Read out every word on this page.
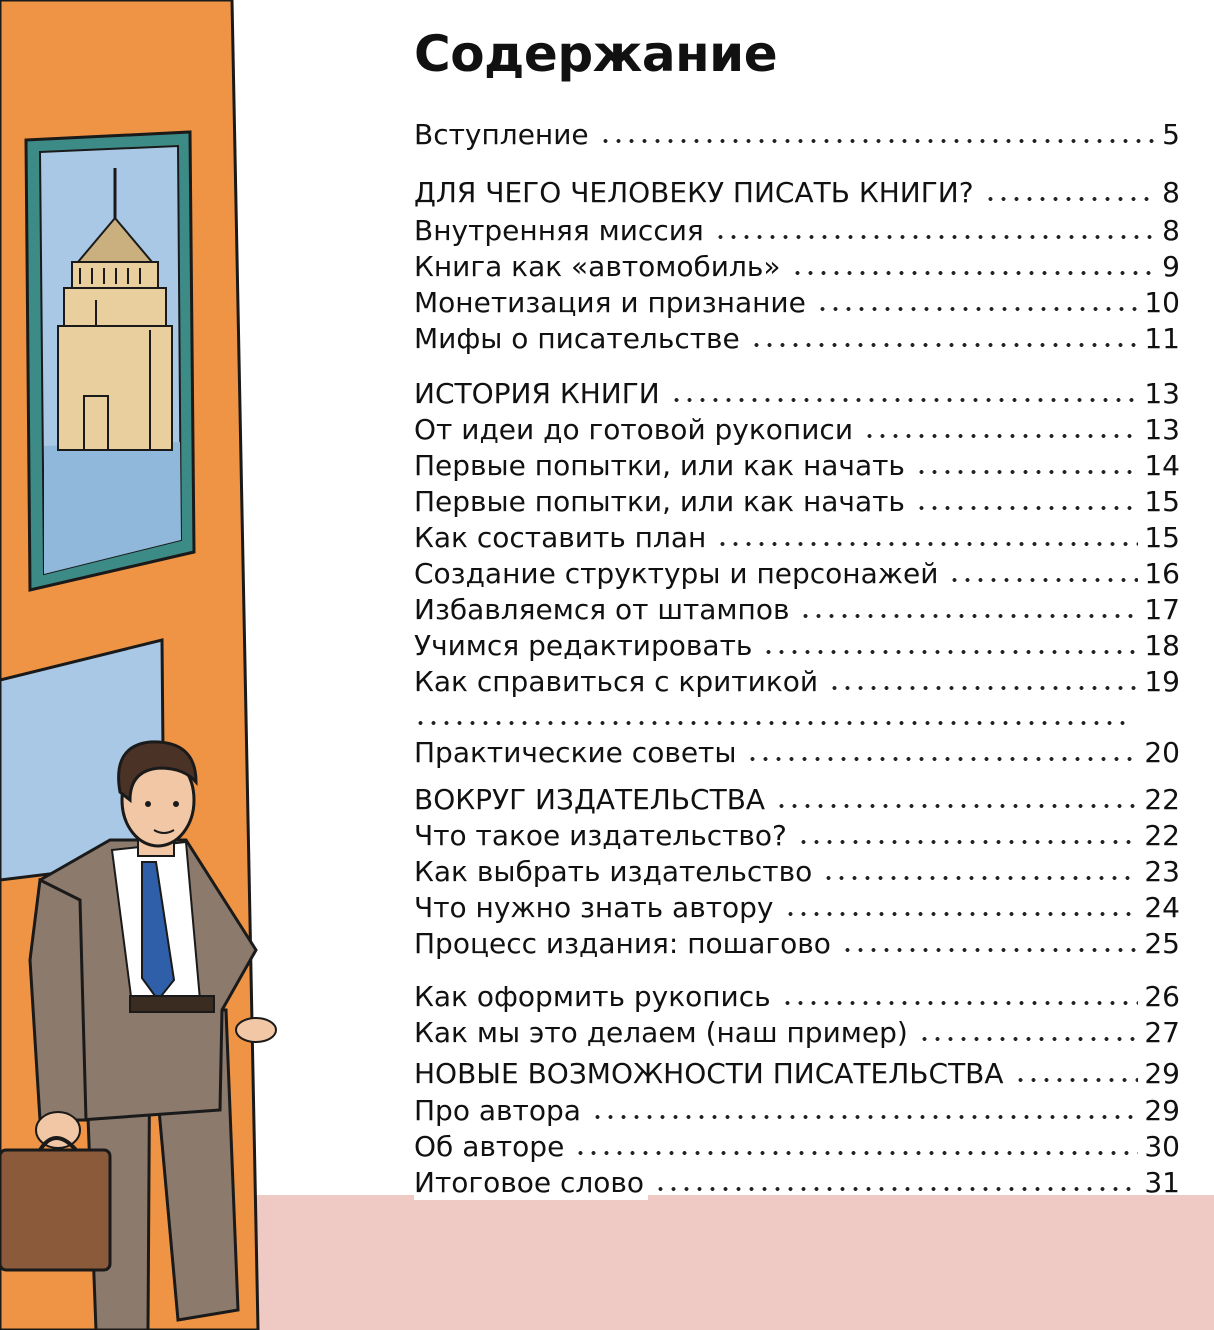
Содержание
Вступление	5
ДЛЯ ЧЕГО ЧЕЛОВЕКУ ПИСАТЬ КНИГИ?	8
Внутренняя миссия	8
Книга как «автомобиль»	9
Монетизация и признание	10
Мифы о писательстве	11
ИСТОРИЯ КНИГИ	13
От идеи до готовой рукописи	13
Первые попытки, или как начать	14
Первые попытки, или как начать	15
Как составить план	15
Создание структуры и персонажей	16
Избавляемся от штампов	17
Учимся редактировать	18
Как справиться с критикой	19
Практические советы	20
ВОКРУГ ИЗДАТЕЛЬСТВА	22
Что такое издательство?	22
Как выбрать издательство	23
Что нужно знать автору	24
Процесс издания: пошагово	25
Как оформить рукопись	26
Как мы это делаем (наш пример)	27
НОВЫЕ ВОЗМОЖНОСТИ ПИСАТЕЛЬСТВА	29
Про автора	29
Об авторе	30
Итоговое слово	31
